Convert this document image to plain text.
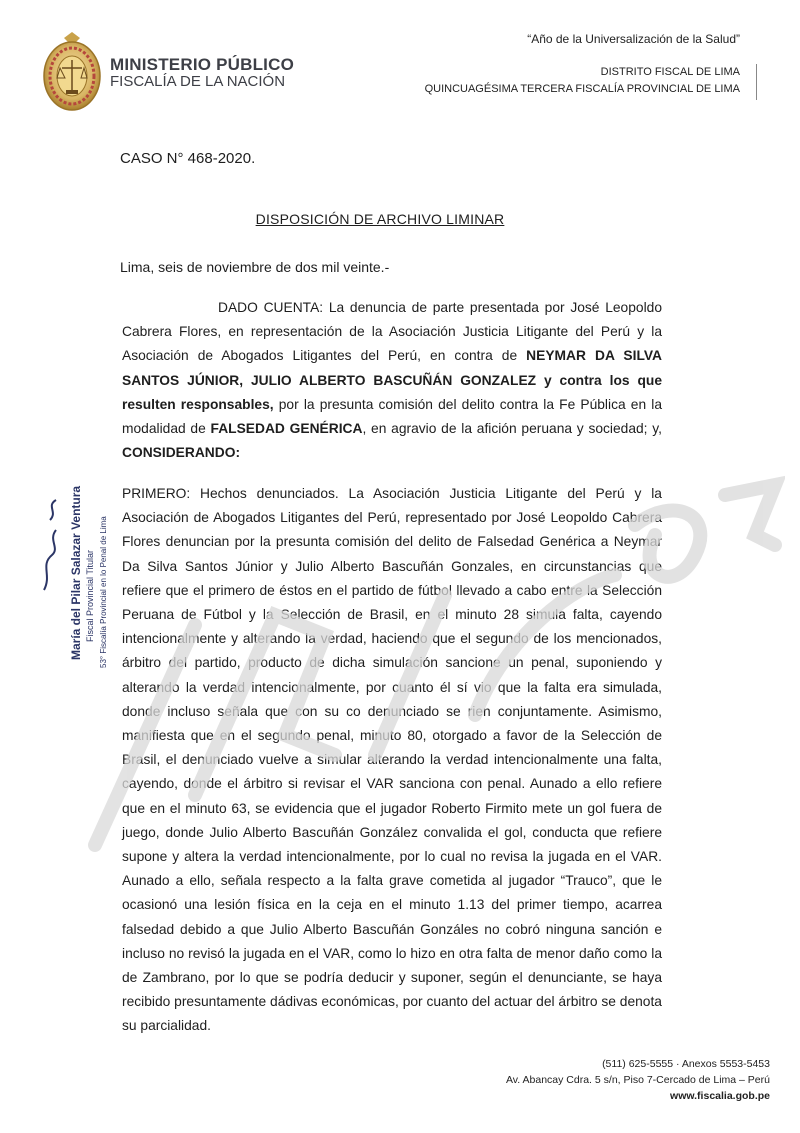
MINISTERIO PÚBLICO
FISCALÍA DE LA NACIÓN
“Año de la Universalización de la Salud”
DISTRITO FISCAL DE LIMA
QUINCUAGÉSIMA TERCERA FISCALÍA PROVINCIAL DE LIMA
CASO N° 468-2020.
DISPOSICIÓN DE ARCHIVO LIMINAR
Lima, seis de noviembre de dos mil veinte.-

DADO CUENTA: La denuncia de parte presentada por José Leopoldo Cabrera Flores, en representación de la Asociación Justicia Litigante del Perú y la Asociación de Abogados Litigantes del Perú, en contra de NEYMAR DA SILVA SANTOS JÚNIOR, JULIO ALBERTO BASCUÑÁN GONZALEZ y contra los que resulten responsables, por la presunta comisión del delito contra la Fe Pública en la modalidad de FALSEDAD GENÉRICA, en agravio de la afición peruana y sociedad; y, CONSIDERANDO:

PRIMERO: Hechos denunciados. La Asociación Justicia Litigante del Perú y la Asociación de Abogados Litigantes del Perú, representado por José Leopoldo Cabrera Flores denuncian por la presunta comisión del delito de Falsedad Genérica a Neymar Da Silva Santos Júnior y Julio Alberto Bascuñán Gonzales, en circunstancias que refiere que el primero de éstos en el partido de fútbol llevado a cabo entre la Selección Peruana de Fútbol y la Selección de Brasil, en el minuto 28 simula falta, cayendo intencionalmente y alterando la verdad, haciendo que el segundo de los mencionados, árbitro del partido, producto de dicha simulación sancione un penal, suponiendo y alterando la verdad intencionalmente, por cuanto él sí vio que la falta era simulada, donde incluso señala que con su co denunciado se rien conjuntamente. Asimismo, manifiesta que en el segundo penal, minuto 80, otorgado a favor de la Selección de Brasil, el denunciado vuelve a simular alterando la verdad intencionalmente una falta, cayendo, donde el árbitro si revisar el VAR sanciona con penal. Aunado a ello refiere que en el minuto 63, se evidencia que el jugador Roberto Firmito mete un gol fuera de juego, donde Julio Alberto Bascuñán González convalida el gol, conducta que refiere supone y altera la verdad intencionalmente, por lo cual no revisa la jugada en el VAR. Aunado a ello, señala respecto a la falta grave cometida al jugador “Trauco”, que le ocasionó una lesión física en la ceja en el minuto 1.13 del primer tiempo, acarrea falsedad debido a que Julio Alberto Bascuñán Gonzáles no cobró ninguna sanción e incluso no revisó la jugada en el VAR, como lo hizo en otra falta de menor daño como la de Zambrano, por lo que se podría deducir y suponer, según el denunciante, se haya recibido presuntamente dádivas económicas, por cuanto del actuar del árbitro se denota su parcialidad.

María del Pilar Salazar Ventura Fiscal Provincial Titular 53° Fiscalía Provincial en lo Penal de Lima
(511) 625-5555 · Anexos 5553-5453
Av. Abancay Cdra. 5 s/n, Piso 7-Cercado de Lima – Perú
www.fiscalia.gob.pe
